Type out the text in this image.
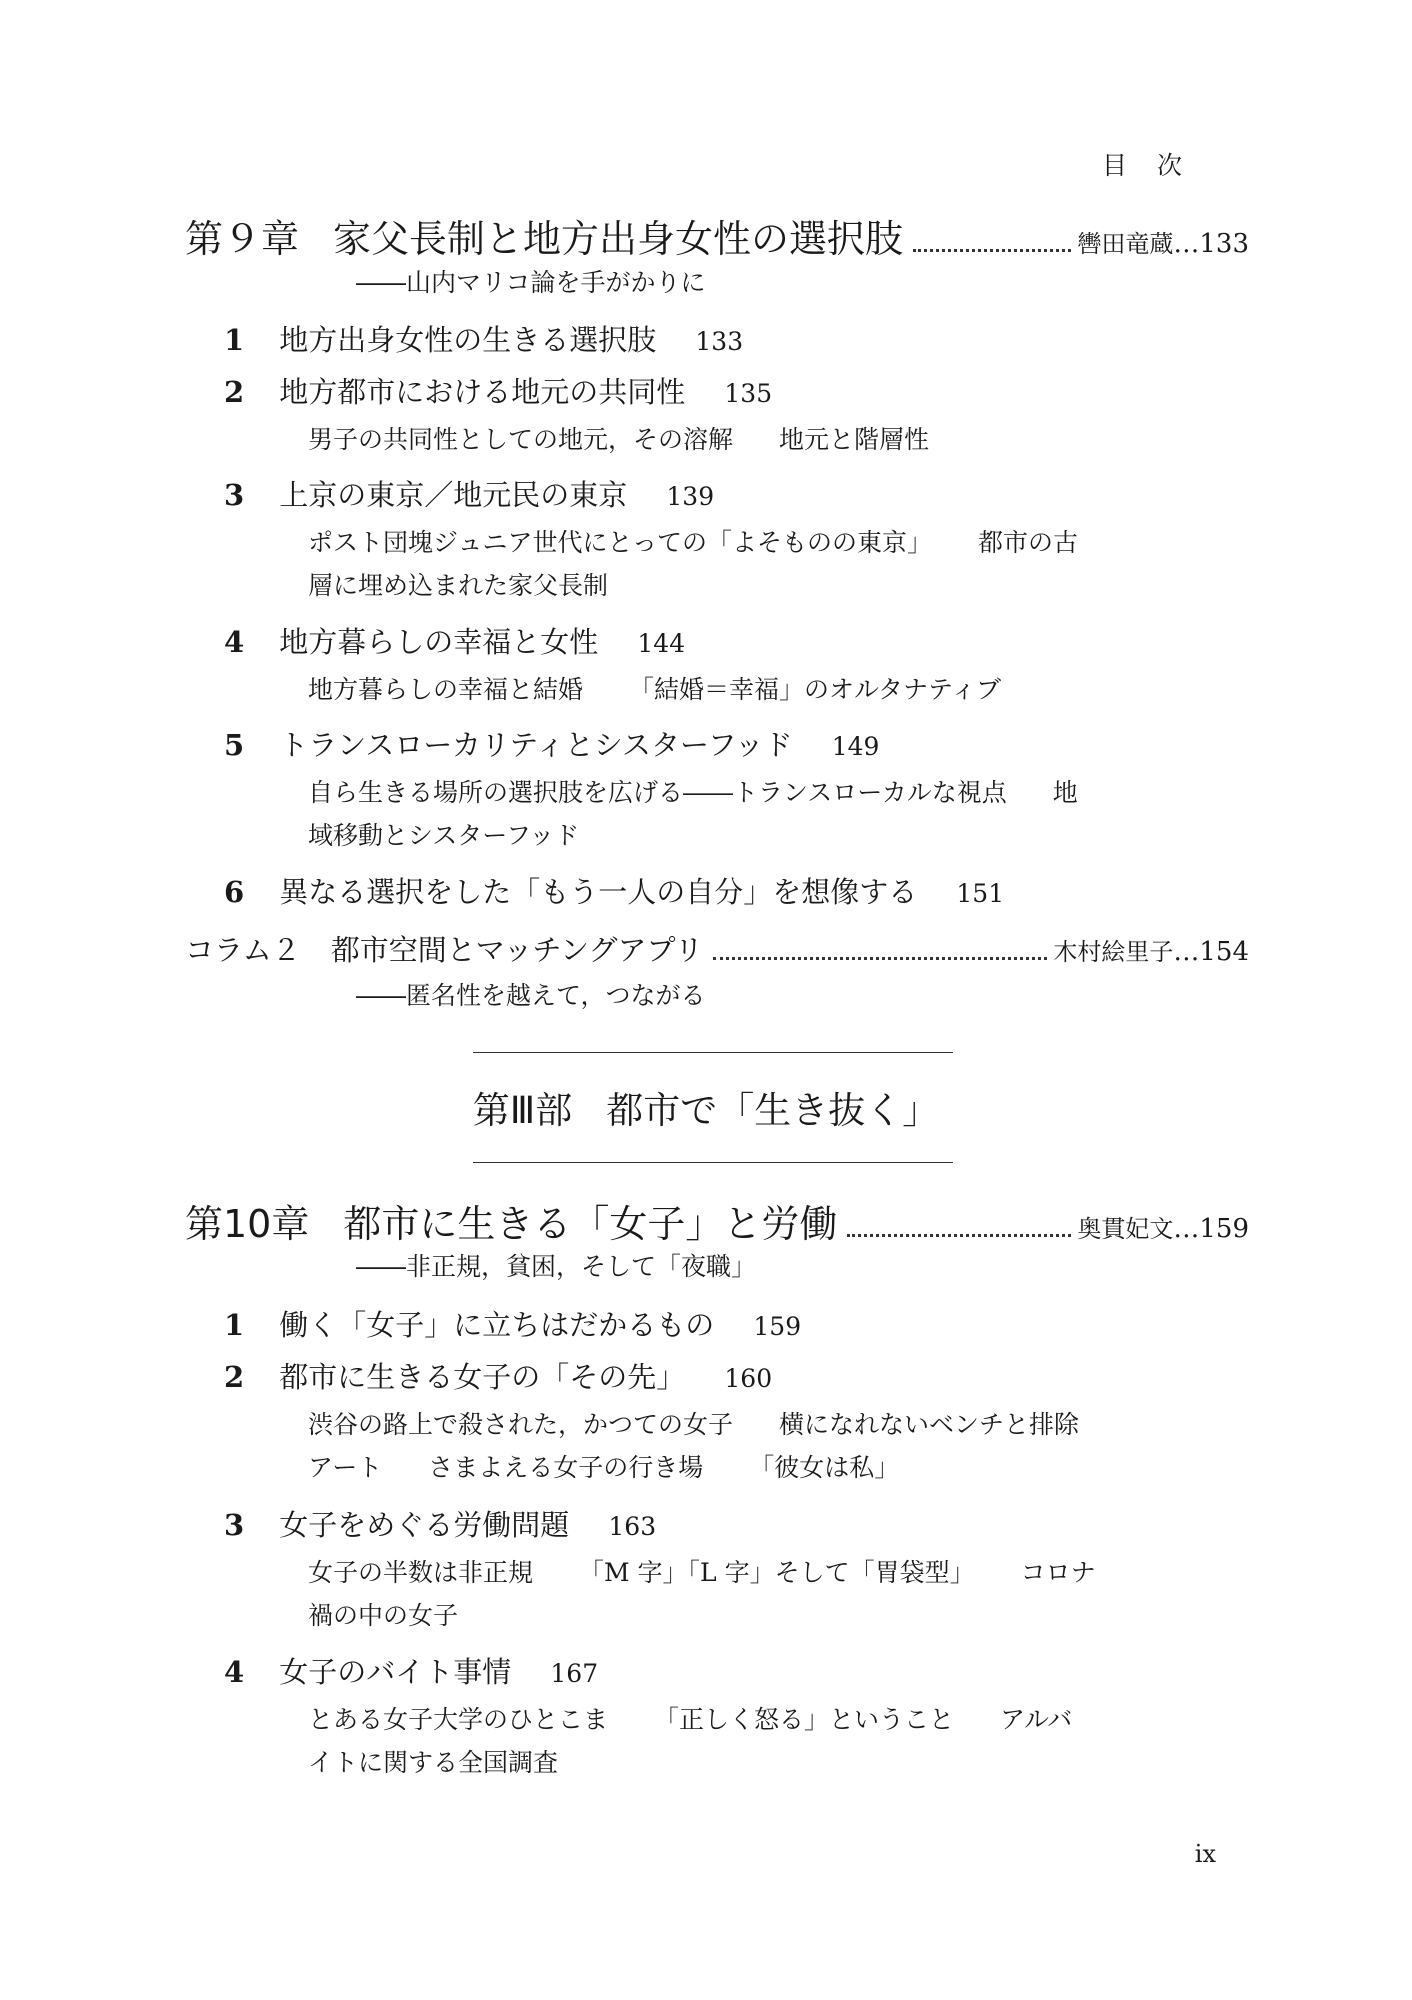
目次
第９章 家父長制と地方出身女性の選択肢	轡田竜蔵 …133
――山内マリコ論を手がかりに
1 地方出身女性の生きる選択肢 133
2 地方都市における地元の共同性 135
男子の共同性としての地元，その溶解 地元と階層性
3 上京の東京／地元民の東京 139
ポスト団塊ジュニア世代にとっての「よそものの東京」 都市の古
層に埋め込まれた家父長制
4 地方暮らしの幸福と女性 144
地方暮らしの幸福と結婚 「結婚＝幸福」のオルタナティブ
5 トランスローカリティとシスターフッド 149
自ら生きる場所の選択肢を広げる――トランスローカルな視点 地
域移動とシスターフッド
6 異なる選択をした「もう一人の自分」を想像する 151
コラム２ 都市空間とマッチングアプリ	木村絵里子 …154
――匿名性を越えて，つながる
第Ⅲ部 都市で「生き抜く」
第10章 都市に生きる「女子」と労働	奥貫妃文 …159
――非正規，貧困，そして「夜職」
1 働く「女子」に立ちはだかるもの 159
2 都市に生きる女子の「その先」 160
渋谷の路上で殺された，かつての女子 横になれないベンチと排除
アート さまよえる女子の行き場 「彼女は私」
3 女子をめぐる労働問題 163
女子の半数は非正規 「M 字」「L 字」そして「胃袋型」 コロナ
禍の中の女子
4 女子のバイト事情 167
とある女子大学のひとこま 「正しく怒る」ということ アルバ
イトに関する全国調査
ix
